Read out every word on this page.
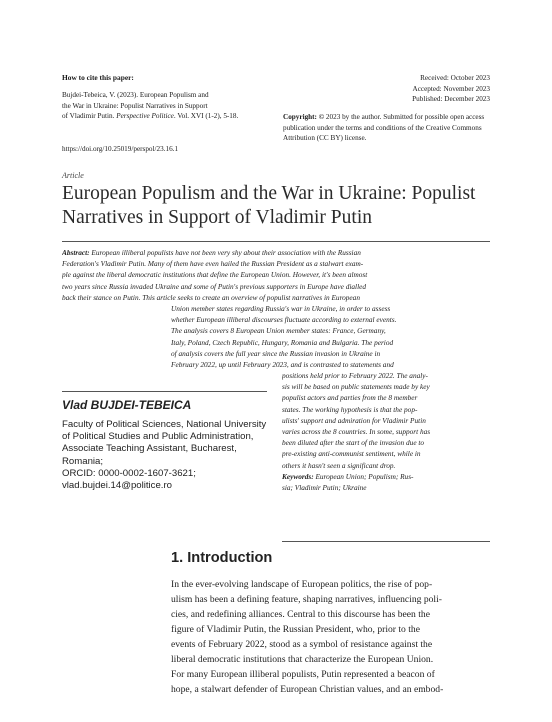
How to cite this paper:
Bujdei-Tebeica, V. (2023). European Populism and
the War in Ukraine: Populist Narratives in Support
of Vladimir Putin. Perspective Politice. Vol. XVI (1-2), 5-18.
https://doi.org/10.25019/perspol/23.16.1
Received: October 2023
Accepted: November 2023
Published: December 2023
Copyright: © 2023 by the author. Submitted for possible open access publication under the terms and conditions of the Creative Commons Attribution (CC BY) license.
Article
European Populism and the War in Ukraine: Populist
Narratives in Support of Vladimir Putin
Abstract: European illiberal populists have not been very shy about their association with the Russian
Federation's Vladimir Putin. Many of them have even hailed the Russian President as a stalwart exam-
ple against the liberal democratic institutions that define the European Union. However, it's been almost
two years since Russia invaded Ukraine and some of Putin's previous supporters in Europe have dialled
back their stance on Putin. This article seeks to create an overview of populist narratives in European
Union member states regarding Russia's war in Ukraine, in order to assess
whether European illiberal discourses fluctuate according to external events.
The analysis covers 8 European Union member states: France, Germany,
Italy, Poland, Czech Republic, Hungary, Romania and Bulgaria. The period
of analysis covers the full year since the Russian invasion in Ukraine in
February 2022, up until February 2023, and is contrasted to statements and
positions held prior to February 2022. The analy-
sis will be based on public statements made by key
populist actors and parties from the 8 member
states. The working hypothesis is that the pop-
ulists' support and admiration for Vladimir Putin
varies across the 8 countries. In some, support has
been diluted after the start of the invasion due to
pre-existing anti-communist sentiment, while in
others it hasn't seen a significant drop.
Keywords: European Union; Populism; Rus-
sia; Vladimir Putin; Ukraine
Vlad BUJDEI-TEBEICA
Faculty of Political Sciences, National University
of Political Studies and Public Administration,
Associate Teaching Assistant, Bucharest,
Romania;
ORCID: 0000-0002-1607-3621;
vlad.bujdei.14@politice.ro
1. Introduction
In the ever-evolving landscape of European politics, the rise of pop-
ulism has been a defining feature, shaping narratives, influencing poli-
cies, and redefining alliances. Central to this discourse has been the
figure of Vladimir Putin, the Russian President, who, prior to the
events of February 2022, stood as a symbol of resistance against the
liberal democratic institutions that characterize the European Union.
For many European illiberal populists, Putin represented a beacon of
hope, a stalwart defender of European Christian values, and an embod-
